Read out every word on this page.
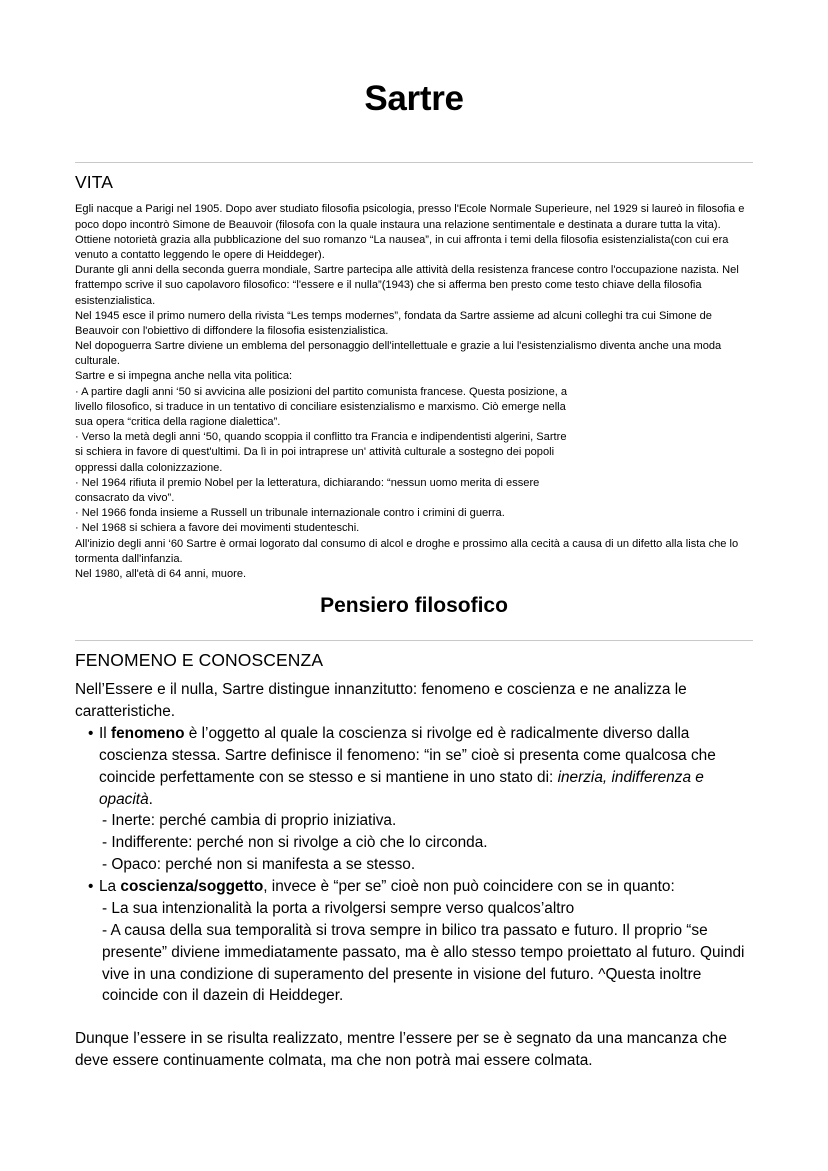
Sartre
VITA

Egli nacque a Parigi nel 1905. Dopo aver studiato filosofia psicologia, presso l'Ecole Normale Superieure, nel 1929 si laureò in filosofia e poco dopo incontrò Simone de Beauvoir (filosofa con la quale instaura una relazione sentimentale e destinata a durare tutta la vita).

Ottiene notorietà grazia alla pubblicazione del suo romanzo “La nausea”, in cui affronta i temi della filosofia esistenzialista(con cui era venuto a contatto leggendo le opere di Heiddeger).

Durante gli anni della seconda guerra mondiale, Sartre partecipa alle attività della resistenza francese contro l'occupazione nazista. Nel frattempo scrive il suo capolavoro filosofico: “l'essere e il nulla”(1943) che si afferma ben presto come testo chiave della filosofia esistenzialistica.

Nel 1945 esce il primo numero della rivista “Les temps modernes”, fondata da Sartre assieme ad alcuni colleghi tra cui Simone de Beauvoir con l'obiettivo di diffondere la filosofia esistenzialistica.

Nel dopoguerra Sartre diviene un emblema del personaggio dell'intellettuale e grazie a lui l'esistenzialismo diventa anche una moda culturale.

Sartre e si impegna anche nella vita politica:

· A partire dagli anni ‘50 si avvicina alle posizioni del partito comunista francese. Questa posizione, a livello filosofico, si traduce in un tentativo di conciliare esistenzialismo e marxismo. Ciò emerge nella sua opera “critica della ragione dialettica”.

· Verso la metà degli anni ‘50, quando scoppia il conflitto tra Francia e indipendentisti algerini, Sartre si schiera in favore di quest'ultimi. Da lì in poi intraprese un' attività culturale a sostegno dei popoli oppressi dalla colonizzazione.

· Nel 1964 rifiuta il premio Nobel per la letteratura, dichiarando: “nessun uomo merita di essere consacrato da vivo”.

· Nel 1966 fonda insieme a Russell un tribunale internazionale contro i crimini di guerra.

· Nel 1968 si schiera a favore dei movimenti studenteschi.

All'inizio degli anni ‘60 Sartre è ormai logorato dal consumo di alcol e droghe e prossimo alla cecità a causa di un difetto alla lista che lo tormenta dall'infanzia.

Nel 1980, all'età di 64 anni, muore.

Pensiero filosofico
FENOMENO E CONOSCENZA

Nell’Essere e il nulla, Sartre distingue innanzitutto: fenomeno e coscienza e ne analizza le caratteristiche.

• Il fenomeno è l’oggetto al quale la coscienza si rivolge ed è radicalmente diverso dalla coscienza stessa. Sartre definisce il fenomeno: “in se” cioè si presenta come qualcosa che coincide perfettamente con se stesso e si mantiene in uno stato di: inerzia, indifferenza e opacità.

- Inerte: perché cambia di proprio iniziativa.

- Indifferente: perché non si rivolge a ciò che lo circonda.

- Opaco: perché non si manifesta a se stesso.

• La coscienza/soggetto, invece è “per se” cioè non può coincidere con se in quanto:

- La sua intenzionalità la porta a rivolgersi sempre verso qualcos’altro

- A causa della sua temporalità si trova sempre in bilico tra passato e futuro. Il proprio “se presente” diviene immediatamente passato, ma è allo stesso tempo proiettato al futuro. Quindi vive in una condizione di superamento del presente in visione del futuro. ^Questa inoltre coincide con il dazein di Heiddeger.

Dunque l’essere in se risulta realizzato, mentre l’essere per se è segnato da una mancanza che deve essere continuamente colmata, ma che non potrà mai essere colmata.
